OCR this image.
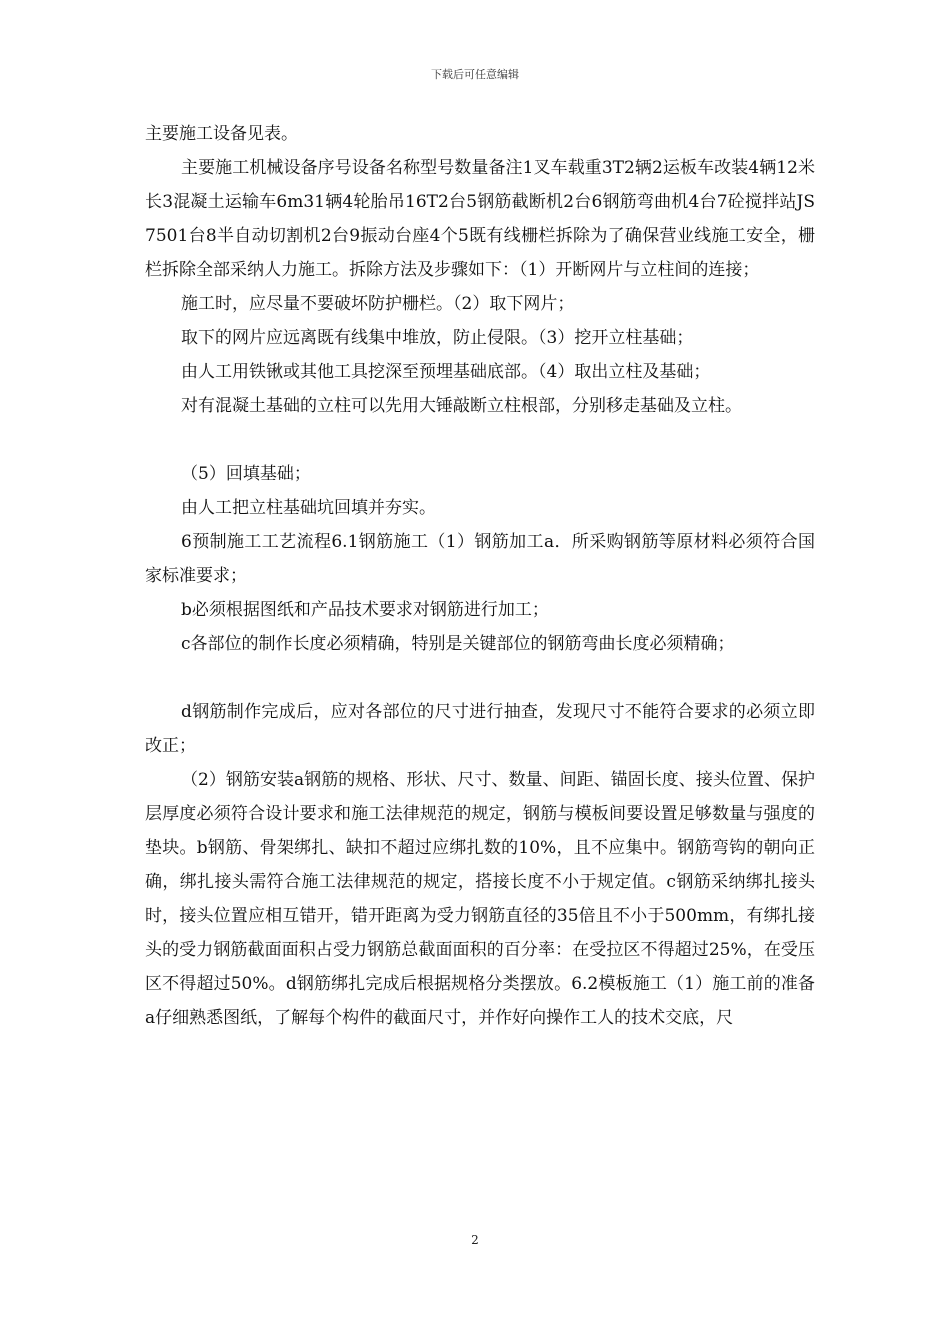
下载后可任意编辑

主要施工设备见表。

主要施工机械设备序号设备名称型号数量备注1叉车载重3T2辆2运板车改装4辆12米长3混凝土运输车6m31辆4轮胎吊16T2台5钢筋截断机2台6钢筋弯曲机4台7砼搅拌站JS7501台8半自动切割机2台9振动台座4个5既有线栅栏拆除为了确保营业线施工安全，栅栏拆除全部采纳人力施工。拆除方法及步骤如下：（1）开断网片与立柱间的连接；

施工时，应尽量不要破坏防护栅栏。（2）取下网片；

取下的网片应远离既有线集中堆放，防止侵限。（3）挖开立柱基础；

由人工用铁锹或其他工具挖深至预埋基础底部。（4）取出立柱及基础；

对有混凝土基础的立柱可以先用大锤敲断立柱根部，分别移走基础及立柱。

（5）回填基础；

由人工把立柱基础坑回填并夯实。

6预制施工工艺流程6.1钢筋施工（1）钢筋加工a．所采购钢筋等原材料必须符合国家标准要求；

b必须根据图纸和产品技术要求对钢筋进行加工；

c各部位的制作长度必须精确，特别是关键部位的钢筋弯曲长度必须精确；

d钢筋制作完成后，应对各部位的尺寸进行抽查，发现尺寸不能符合要求的必须立即改正；

（2）钢筋安装a钢筋的规格、形状、尺寸、数量、间距、锚固长度、接头位置、保护层厚度必须符合设计要求和施工法律规范的规定，钢筋与模板间要设置足够数量与强度的垫块。b钢筋、骨架绑扎、缺扣不超过应绑扎数的10%，且不应集中。钢筋弯钩的朝向正确，绑扎接头需符合施工法律规范的规定，搭接长度不小于规定值。c钢筋采纳绑扎接头时，接头位置应相互错开，错开距离为受力钢筋直径的35倍且不小于500mm，有绑扎接头的受力钢筋截面面积占受力钢筋总截面面积的百分率：在受拉区不得超过25%，在受压区不得超过50%。d钢筋绑扎完成后根据规格分类摆放。6.2模板施工（1）施工前的准备a仔细熟悉图纸，了解每个构件的截面尺寸，并作好向操作工人的技术交底，尺

2
